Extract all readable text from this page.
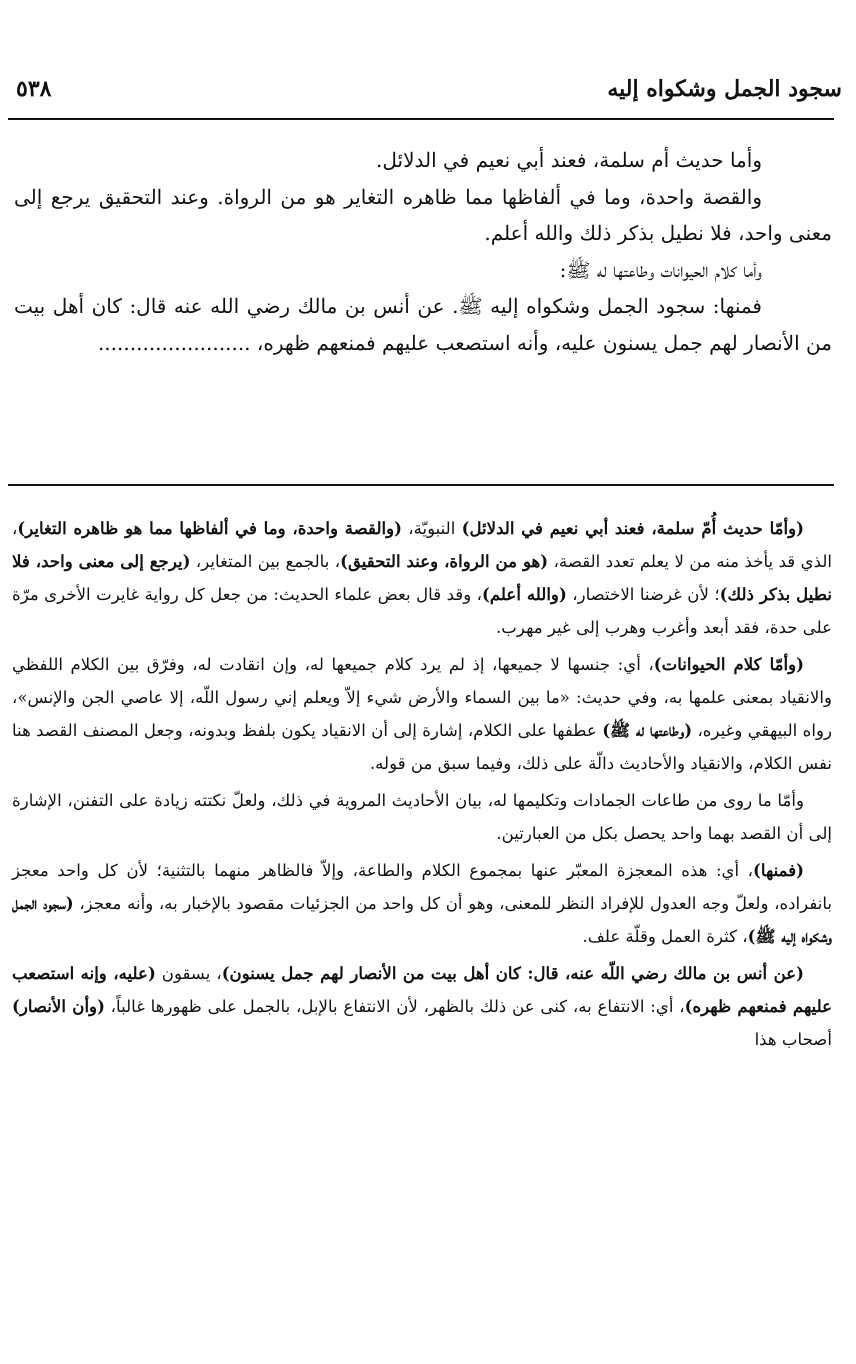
سجود الجمل وشكواه إليه
٥٣٨

وأما حديث أم سلمة، فعند أبي نعيم في الدلائل.

والقصة واحدة، وما في ألفاظها مما ظاهره التغاير هو من الرواة. وعند التحقيق يرجع إلى معنى واحد، فلا نطيل بذكر ذلك والله أعلم.

وأما كلام الحيوانات وطاعتها له ﷺ:

فمنها: سجود الجمل وشكواه إليه ﷺ. عن أنس بن مالك رضي الله عنه قال: كان أهل بيت من الأنصار لهم جمل يسنون عليه، وأنه استصعب عليهم فمنعهم ظهره، ........................

(وأمّا حديث أُمّ سلمة، فعند أبي نعيم في الدلائل) النبويّة، (والقصة واحدة، وما في ألفاظها مما هو ظاهره التغاير)، الذي قد يأخذ منه من لا يعلم تعدد القصة، (هو من الرواة، وعند التحقيق)، بالجمع بين المتغاير، (يرجع إلى معنى واحد، فلا نطيل بذكر ذلك)؛ لأن غرضنا الاختصار، (والله أعلم)، وقد قال بعض علماء الحديث: من جعل كل رواية غايرت الأخرى مرّة على حدة، فقد أبعد وأغرب وهرب إلى غير مهرب.

(وأمّا كلام الحيوانات)، أي: جنسها لا جميعها، إذ لم يرد كلام جميعها له، وإن انقادت له، وفرّق بين الكلام اللفظي والانقياد بمعنى علمها به، وفي حديث: «ما بين السماء والأرض شيء إلاّ ويعلم إني رسول اللّه، إلا عاصي الجن والإنس»، رواه البيهقي وغيره، (وطاعتها له ﷺ) عطفها على الكلام، إشارة إلى أن الانقياد يكون بلفظ وبدونه، وجعل المصنف القصد هنا نفس الكلام، والانقياد والأحاديث دالّة على ذلك، وفيما سبق من قوله.

وأمّا ما روى من طاعات الجمادات وتكليمها له، بيان الأحاديث المروية في ذلك، ولعلّ نكتته زيادة على التفنن، الإشارة إلى أن القصد بهما واحد يحصل بكل من العبارتين.

(فمنها)، أي: هذه المعجزة المعبّر عنها بمجموع الكلام والطاعة، وإلاّ فالظاهر منهما بالتثنية؛ لأن كل واحد معجز بانفراده، ولعلّ وجه العدول للإفراد النظر للمعنى، وهو أن كل واحد من الجزئيات مقصود بالإخبار به، وأنه معجز، (سجود الجمل وشكواه إليه ﷺ)، كثرة العمل وقلّة علف.

(عن أنس بن مالك رضي اللّه عنه، قال: كان أهل بيت من الأنصار لهم جمل يسنون)، يسقون (عليه، وإنه استصعب عليهم فمنعهم ظهره)، أي: الانتفاع به، كنى عن ذلك بالظهر، لأن الانتفاع بالإبل، بالجمل على ظهورها غالباً، (وأن الأنصار) أصحاب هذا
